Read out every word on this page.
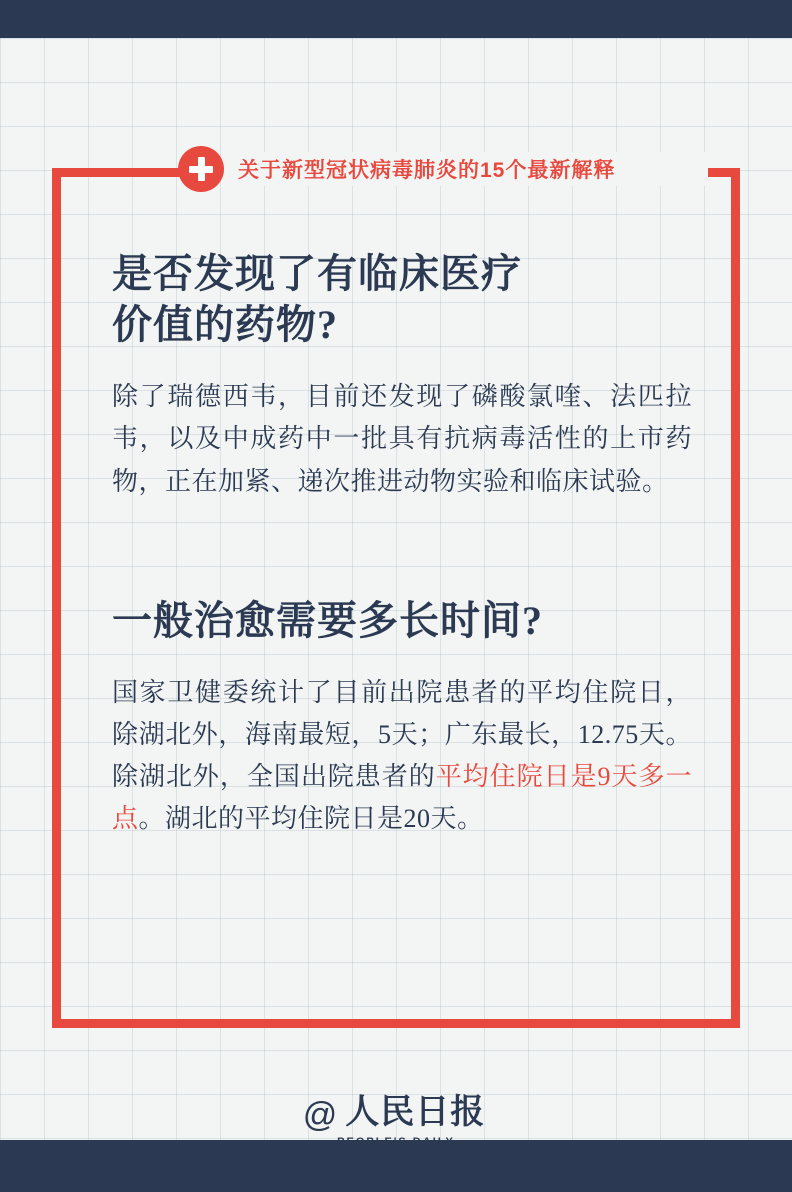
关于新型冠状病毒肺炎的15个最新解释
是否发现了有临床医疗
价值的药物?

除了瑞德西韦，目前还发现了磷酸氯喹、法匹拉韦，以及中成药中一批具有抗病毒活性的上市药物，正在加紧、递次推进动物实验和临床试验。

一般治愈需要多长时间?

国家卫健委统计了目前出院患者的平均住院日，除湖北外，海南最短，5天；广东最长，12.75天。除湖北外，全国出院患者的平均住院日是9天多一点。湖北的平均住院日是20天。

@ 人民日报
PEOPLE'S DAILY
